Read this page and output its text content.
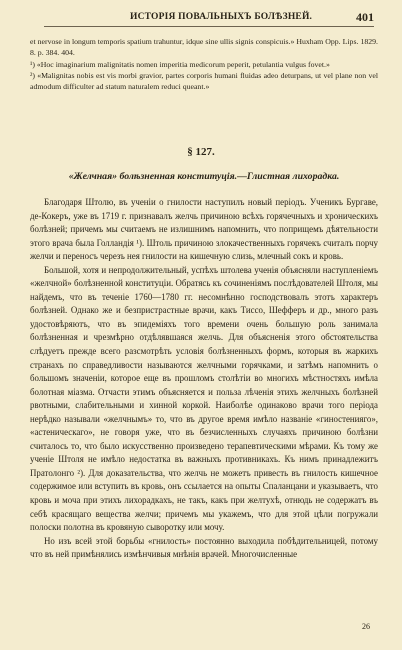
ИСТОРІЯ ПОВАЛЬНЫХЪ БОЛѢЗНЕЙ.	401

et nervose in longum temporis spatium trahuntur, idque sine ullis signis conspicuis.» Huxham Opp. Lips. 1829. 8. p. 384. 404.

¹) «Hoc imaginarium malignitatis nomen imperitia medicorum peperit, petulantia vulgus fovet.»

²) «Malignitas nobis est vis morbi gravior, partes corporis humani fluidas adeo deturpans, ut vel plane non vel admodum difficulter ad statum naturalem reduci queant.»

§ 127.
«Желчная» болѣзненная конституція.—Глистная лихорадка.

Благодаря Штолю, въ ученіи о гнилости наступилъ новый періодъ. Ученикъ Бургаве, де-Кокеръ, уже въ 1719 г. признавалъ желчь причиною всѣхъ горячечныхъ и хроническихъ болѣзней; причемъ мы считаемъ не излишнимъ напомнить, что поприщемъ дѣятельности этого врача была Голландія ¹). Штоль причиною злокачественныхъ горячекъ считалъ порчу желчи и переносъ черезъ нея гнилости на кишечную слизь, млечный сокъ и кровь.

Большой, хотя и непродолжительный, успѣхъ штолева ученія объясняли наступленіемъ «желчной» болѣзненной конституціи. Обратясь къ сочиненіямъ послѣдователей Штоля, мы найдемъ, что въ теченіе 1760—1780 гг. несомнѣнно господствовалъ этотъ характеръ болѣзней. Однако же и безпристрастные врачи, какъ Тиссо, Шефферъ и др., много разъ удостовѣряютъ, что въ эпидеміяхъ того времени очень большую роль занимала болѣзненная и чрезмѣрно отдѣлявшаяся желчь. Для объясненія этого обстоятельства слѣдуетъ прежде всего разсмотрѣть условія болѣзненныхъ формъ, которыя въ жаркихъ странахъ по справедливости называются желчными горячками, и затѣмъ напомнить о большомъ значеніи, которое еще въ прошломъ столѣтіи во многихъ мѣстностяхъ имѣла болотная міазма. Отчасти этимъ объясняется и польза лѣченія этихъ желчныхъ болѣзней рвотными, слабительными и хинной коркой. Наиболѣе одинаково врачи того періода нерѣдко называли «желчнымъ» то, что въ другое время имѣло названіе «гиностенияго», «астеническаго», не говоря уже, что въ безчисленныхъ случаяхъ причиною болѣзни считалось то, что было искусственно произведено терапевтическими мѣрами. Къ тому же ученіе Штоля не имѣло недостатка въ важныхъ противникахъ. Къ нимъ принадлежитъ Пратолонго ²). Для доказательства, что желчь не можетъ привесть въ гнилость кишечное содержимое или вступить въ кровь, онъ ссылается на опыты Спаланцани и указываетъ, что кровь и моча при этихъ лихорадкахъ, не такъ, какъ при желтухѣ, отнюдь не содержатъ въ себѣ красящаго вещества желчи; причемъ мы укажемъ, что для этой цѣли погружали полоски полотна въ кровяную сыворотку или мочу.

Но изъ всей этой борьбы «гнилость» постоянно выходила побѣдительницей, потому что въ ней примѣнялись измѣнчивыя мнѣнія врачей. Многочисленные

26
